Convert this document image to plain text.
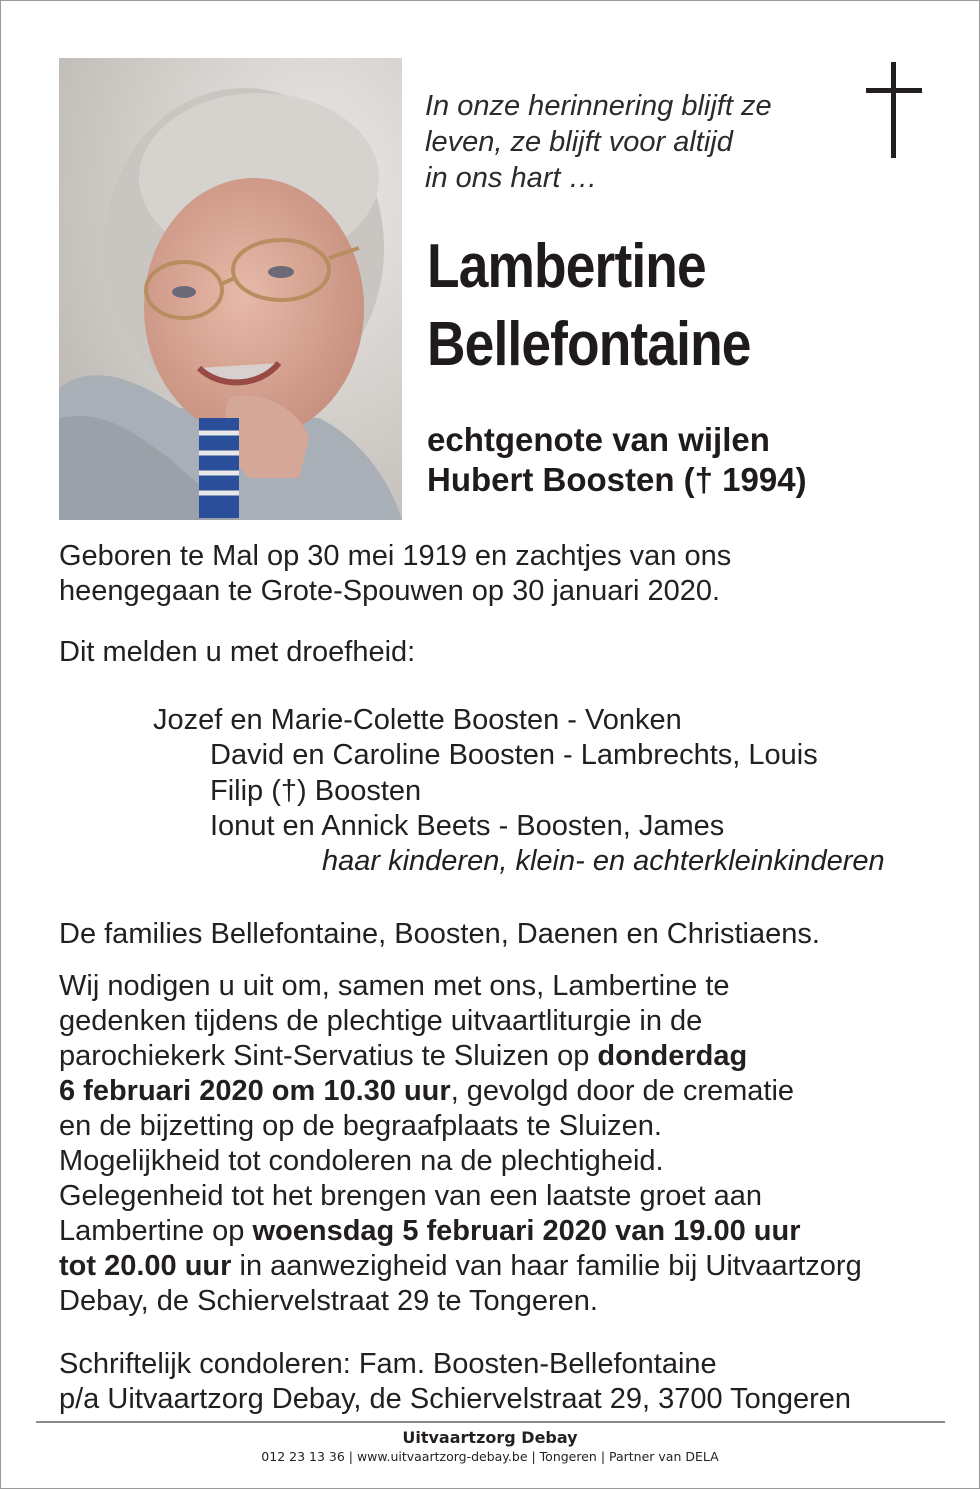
In onze herinnering blijft ze
leven, ze blijft voor altijd
in ons hart …
Lambertine
Bellefontaine
echtgenote van wijlen
Hubert Boosten († 1994)
Geboren te Mal op 30 mei 1919 en zachtjes van ons
heengegaan te Grote-Spouwen op 30 januari 2020.
Dit melden u met droefheid:
Jozef en Marie-Colette Boosten - Vonken
David en Caroline Boosten - Lambrechts, Louis
Filip (†) Boosten
Ionut en Annick Beets - Boosten, James
haar kinderen, klein- en achterkleinkinderen
De families Bellefontaine, Boosten, Daenen en Christiaens.
Wij nodigen u uit om, samen met ons, Lambertine te
gedenken tijdens de plechtige uitvaartliturgie in de
parochiekerk Sint-Servatius te Sluizen op donderdag
6 februari 2020 om 10.30 uur, gevolgd door de crematie
en de bijzetting op de begraafplaats te Sluizen.
Mogelijkheid tot condoleren na de plechtigheid.
Gelegenheid tot het brengen van een laatste groet aan
Lambertine op woensdag 5 februari 2020 van 19.00 uur
tot 20.00 uur in aanwezigheid van haar familie bij Uitvaartzorg
Debay, de Schiervelstraat 29 te Tongeren.
Schriftelijk condoleren: Fam. Boosten-Bellefontaine
p/a Uitvaartzorg Debay, de Schiervelstraat 29, 3700 Tongeren
Uitvaartzorg Debay
012 23 13 36 | www.uitvaartzorg-debay.be | Tongeren | Partner van DELA
